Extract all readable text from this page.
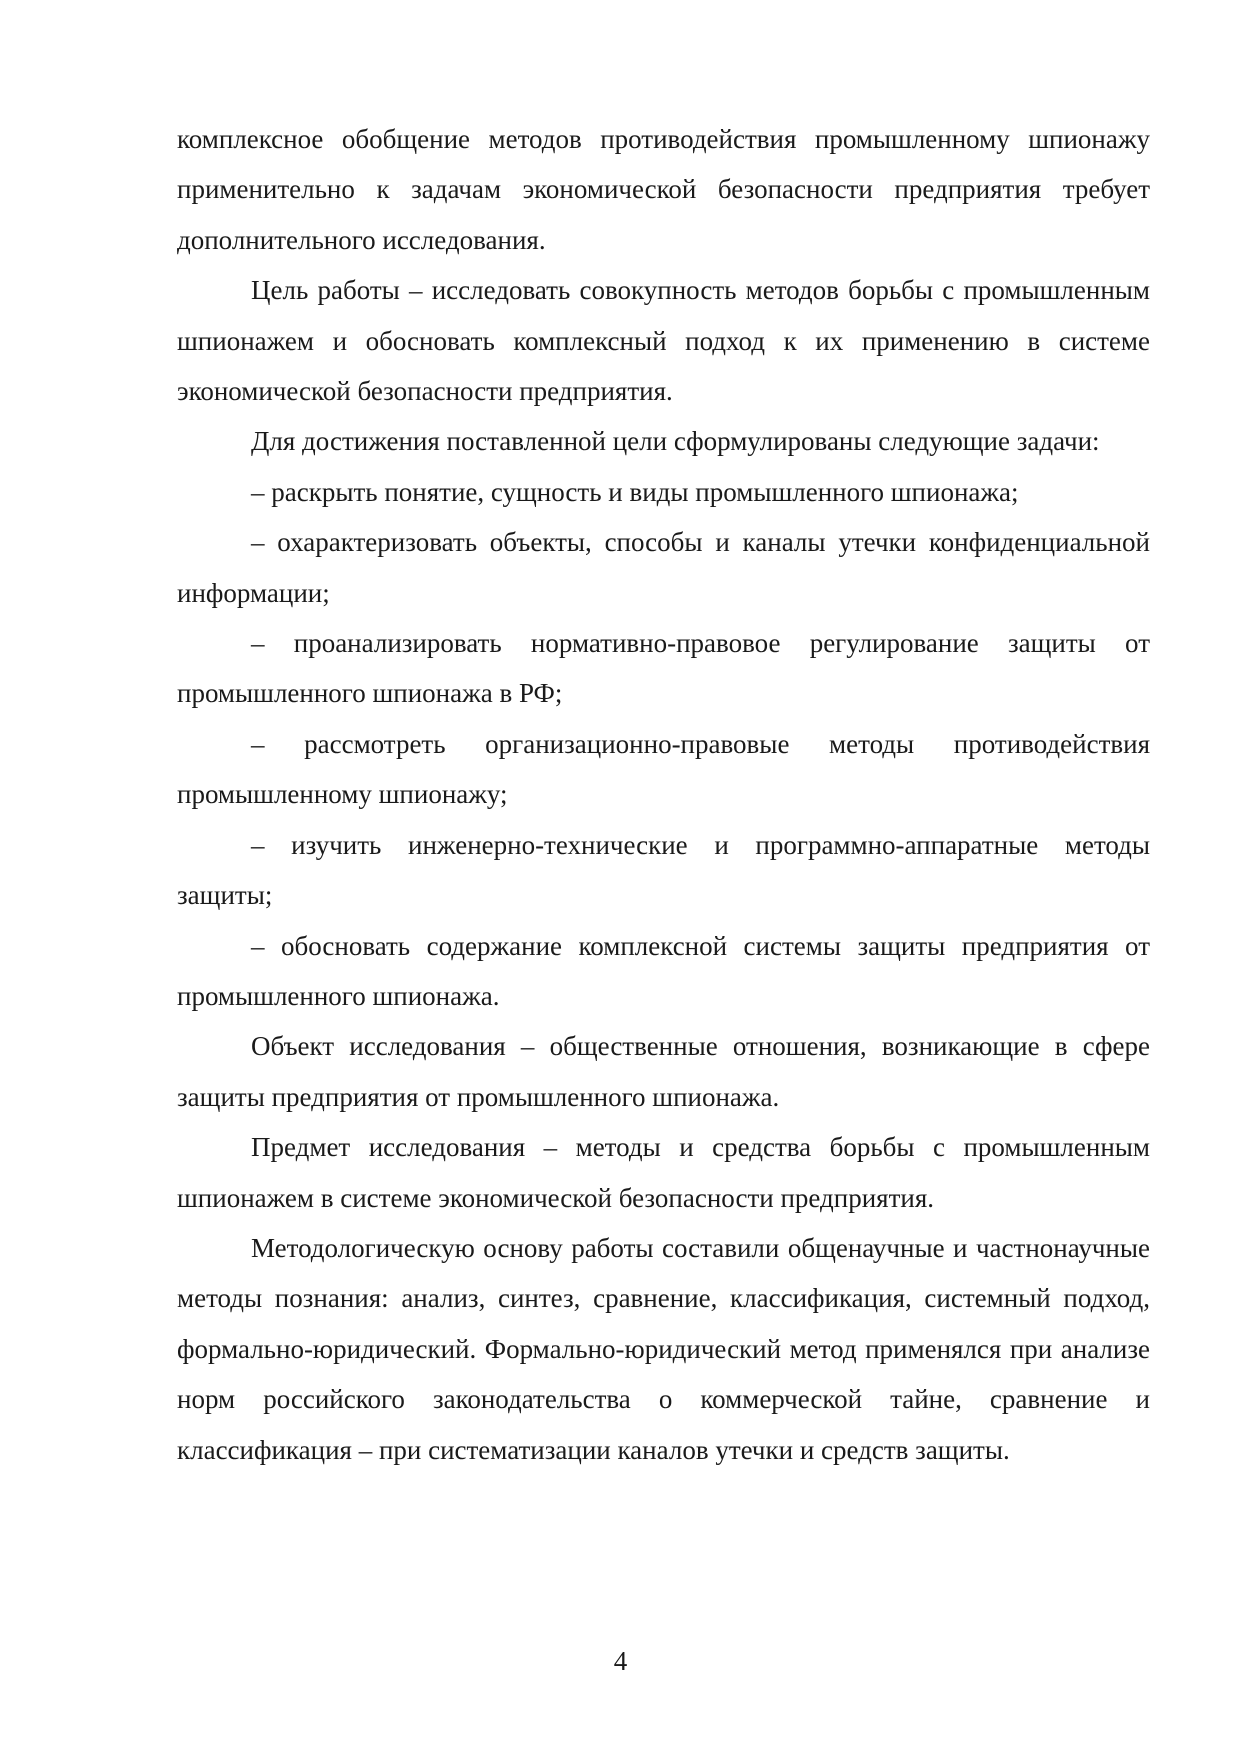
комплексное обобщение методов противодействия промышленному шпионажу применительно к задачам экономической безопасности предприятия требует дополнительного исследования.

Цель работы – исследовать совокупность методов борьбы с промышленным шпионажем и обосновать комплексный подход к их применению в системе экономической безопасности предприятия.

Для достижения поставленной цели сформулированы следующие задачи:

– раскрыть понятие, сущность и виды промышленного шпионажа;

– охарактеризовать объекты, способы и каналы утечки конфиденциальной информации;

– проанализировать нормативно-правовое регулирование защиты от промышленного шпионажа в РФ;

– рассмотреть организационно-правовые методы противодействия промышленному шпионажу;

– изучить инженерно-технические и программно-аппаратные методы защиты;

– обосновать содержание комплексной системы защиты предприятия от промышленного шпионажа.

Объект исследования – общественные отношения, возникающие в сфере защиты предприятия от промышленного шпионажа.

Предмет исследования – методы и средства борьбы с промышленным шпионажем в системе экономической безопасности предприятия.

Методологическую основу работы составили общенаучные и частнонаучные методы познания: анализ, синтез, сравнение, классификация, системный подход, формально-юридический. Формально-юридический метод применялся при анализе норм российского законодательства о коммерческой тайне, сравнение и классификация – при систематизации каналов утечки и средств защиты.

4
